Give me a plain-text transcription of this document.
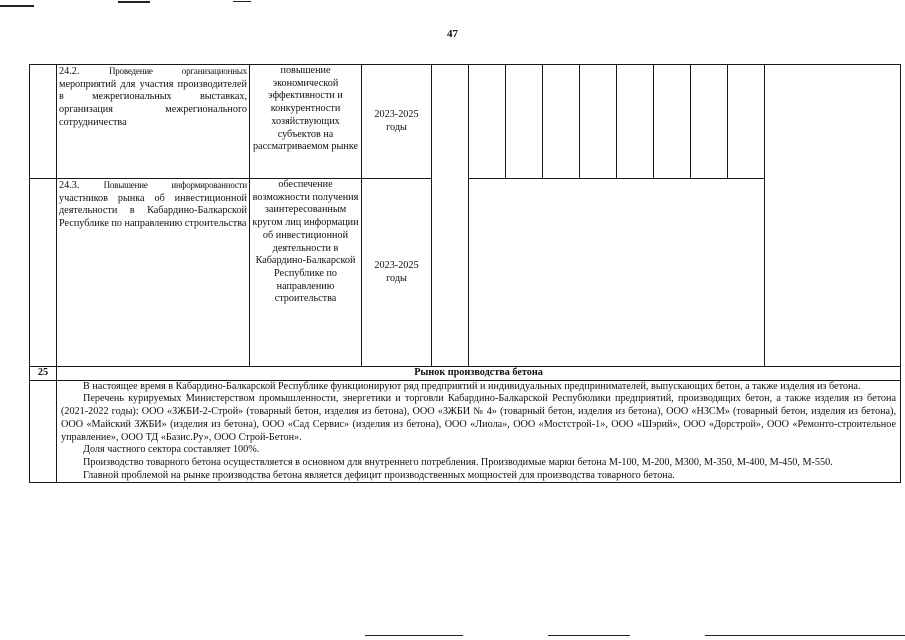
47
	24.2. Проведение организационных мероприятий для участия производителей в межрегиональных выставках, организация межрегионального сотрудничества	повышение экономической эффективности и конкурентности хозяйствующих субъектов на рассматриваемом рынке	2023-2025 годы										
	24.3. Повышение информированности участников рынка об инвестиционной деятельности в Кабардино-Балкарской Республике по направлению строительства	обеспечение возможности получения заинтересованным кругом лиц информации об инвестиционной деятельности в Кабардино-Балкарской Республике по направлению строительства	2023-2025 годы										
25	Рынок производства бетона												

	В настоящее время в Кабардино-Балкарской Республике функционируют ряд предприятий и индивидуальных предпринимателей, выпускающих бетон, а также изделия из бетона.

Перечень курируемых Министерством промышленности, энергетики и торговли Кабардино-Балкарской Респубюлики предприятий, производящих бетон, а также изделия из бетона (2021-2022 годы): ООО «ЗЖБИ-2-Строй» (товарный бетон, изделия из бетона), ООО «ЗЖБИ № 4» (товарный бетон, изделия из бетона), ООО «НЗСМ» (товарный бетон, изделия из бетона), ООО «Майский ЗЖБИ» (изделия из бетона), ООО «Сад Сервис» (изделия из бетона), ООО «Лиола», ООО «Мостстрой-1», ООО «Шэрий», ООО «Дорстрой», ООО «Ремонто-строительное управление», ООО ТД «Базис.Ру», ООО Строй-Бетон».

Доля частного сектора составляет 100%.

Производство товарного бетона осуществляется в основном для внутреннего потребления. Производимые марки бетона М-100, М-200, М300, М-350, М-400, М-450, М-550.

Главной проблемой на рынке производства бетона является дефицит производственных мощностей для производства товарного бетона.												
